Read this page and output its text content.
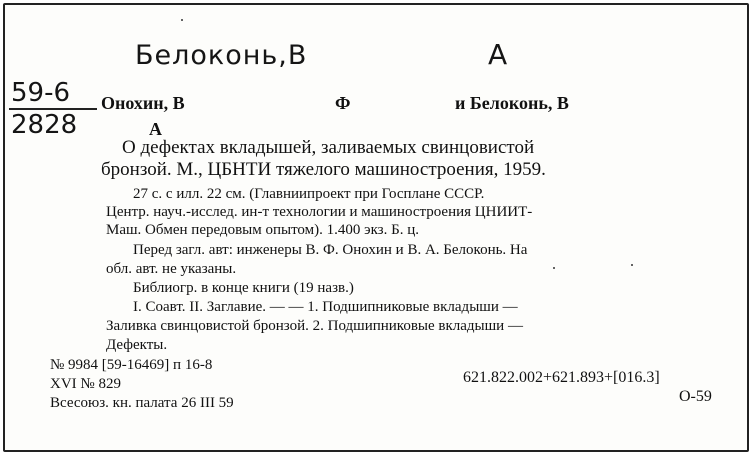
Белоконь,В	А
59-6
2828
Онохин, В	Ф	и Белоконь, В
А
О дефектах вкладышей, заливаемых свинцовистой
бронзой. М., ЦБНТИ тяжелого машиностроения, 1959.
27 с. с илл. 22 см. (Главниипроект при Госплане СССР.
Центр. науч.-исслед. ин-т технологии и машиностроения ЦНИИТ-
Маш. Обмен передовым опытом). 1.400 экз. Б. ц.
Перед загл. авт: инженеры В. Ф. Онохин и В. А. Белоконь. На
обл. авт. не указаны.
Библиогр. в конце книги (19 назв.)
I. Соавт. II. Заглавие. — — 1. Подшипниковые вкладыши —
Заливка свинцовистой бронзой. 2. Подшипниковые вкладыши —
Дефекты.
№ 9984 [59-16469] п 16-8
XVI № 829
Всесоюз. кн. палата 26 III 59
621.822.002+621.893+[016.3]
О-59
